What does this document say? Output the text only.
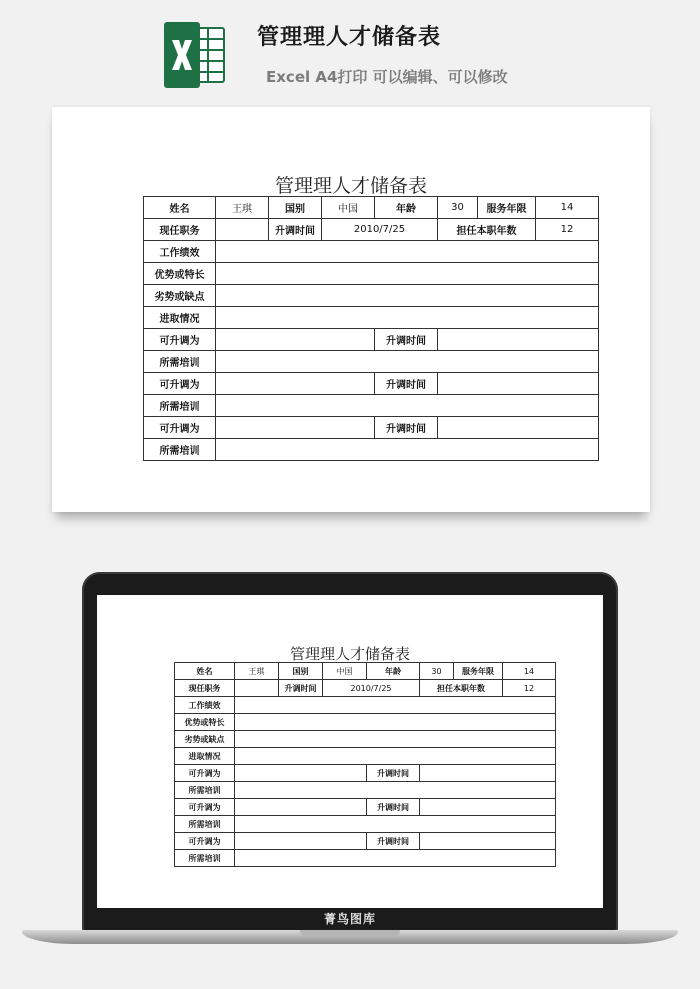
管理理人才储备表
Excel A4打印 可以编辑、可以修改
管理理人才储备表
姓名	王琪	国别	中国	年龄	30	服务年限	14
现任职务		升调时间	2010/7/25		担任本职年数		12
工作绩效							
优势或特长							
劣势或缺点							
进取情况							
可升调为				升调时间			
所需培训							
可升调为				升调时间			
所需培训							
可升调为				升调时间			
所需培训							
管理理人才储备表
姓名	王琪	国别	中国	年龄	30	服务年限	14
现任职务		升调时间	2010/7/25		担任本职年数		12
工作绩效							
优势或特长							
劣势或缺点							
进取情况							
可升调为				升调时间			
所需培训							
可升调为				升调时间			
所需培训							
可升调为				升调时间			
所需培训							
菁鸟图库
